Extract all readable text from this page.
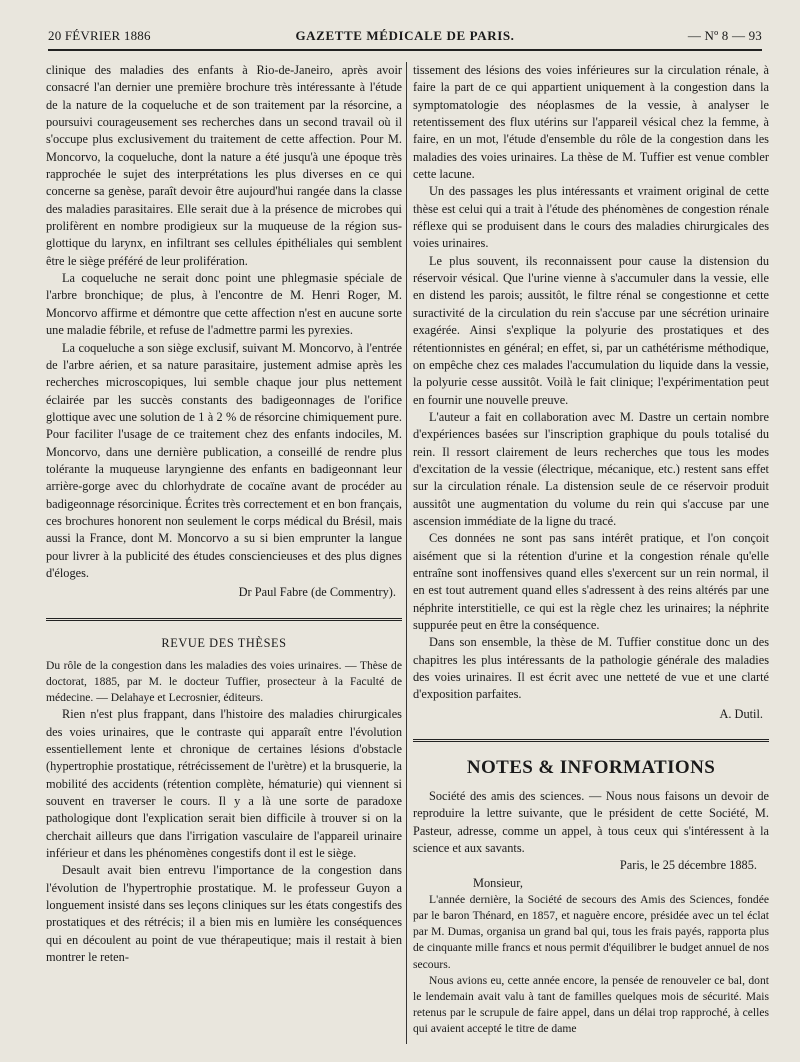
20 FÉVRIER 1886	GAZETTE MÉDICALE DE PARIS.	— Nº 8 — 93

clinique des maladies des enfants à Rio-de-Janeiro, après avoir consacré l'an dernier une première brochure très intéressante à l'étude de la nature de la coqueluche et de son traitement par la résorcine, a poursuivi courageusement ses recherches dans un second travail où il s'occupe plus exclusivement du traitement de cette affection. Pour M. Moncorvo, la coqueluche, dont la nature a été jusqu'à une époque très rapprochée le sujet des interprétations les plus diverses en ce qui concerne sa genèse, paraît devoir être aujourd'hui rangée dans la classe des maladies parasitaires. Elle serait due à la présence de microbes qui prolifèrent en nombre prodigieux sur la muqueuse de la région sus-glottique du larynx, en infiltrant ses cellules épithéliales qui semblent être le siège préféré de leur prolifération.

La coqueluche ne serait donc point une phlegmasie spéciale de l'arbre bronchique; de plus, à l'encontre de M. Henri Roger, M. Moncorvo affirme et démontre que cette affection n'est en aucune sorte une maladie fébrile, et refuse de l'admettre parmi les pyrexies.

La coqueluche a son siège exclusif, suivant M. Moncorvo, à l'entrée de l'arbre aérien, et sa nature parasitaire, justement admise après les recherches microscopiques, lui semble chaque jour plus nettement éclairée par les succès constants des badigeonnages de l'orifice glottique avec une solution de 1 à 2 % de résorcine chimiquement pure. Pour faciliter l'usage de ce traitement chez des enfants indociles, M. Moncorvo, dans une dernière publication, a conseillé de rendre plus tolérante la muqueuse laryngienne des enfants en badigeonnant leur arrière-gorge avec du chlorhydrate de cocaïne avant de procéder au badigeonnage résorcinique. Écrites très correctement et en bon français, ces brochures honorent non seulement le corps médical du Brésil, mais aussi la France, dont M. Moncorvo a su si bien emprunter la langue pour livrer à la publicité des études consciencieuses et des plus dignes d'éloges.

Dr Paul Fabre (de Commentry).

REVUE DES THÈSES

Du rôle de la congestion dans les maladies des voies urinaires. — Thèse de doctorat, 1885, par M. le docteur Tuffier, prosecteur à la Faculté de médecine. — Delahaye et Lecrosnier, éditeurs.

Rien n'est plus frappant, dans l'histoire des maladies chirurgicales des voies urinaires, que le contraste qui apparaît entre l'évolution essentiellement lente et chronique de certaines lésions d'obstacle (hypertrophie prostatique, rétrécissement de l'urètre) et la brusquerie, la mobilité des accidents (rétention complète, hématurie) qui viennent si souvent en traverser le cours. Il y a là une sorte de paradoxe pathologique dont l'explication serait bien difficile à trouver si on la cherchait ailleurs que dans l'irrigation vasculaire de l'appareil urinaire inférieur et dans les phénomènes congestifs dont il est le siège.

Desault avait bien entrevu l'importance de la congestion dans l'évolution de l'hypertrophie prostatique. M. le professeur Guyon a longuement insisté dans ses leçons cliniques sur les états congestifs des prostatiques et des rétrécis; il a bien mis en lumière les conséquences qui en découlent au point de vue thérapeutique; mais il restait à bien montrer le reten-

tissement des lésions des voies inférieures sur la circulation rénale, à faire la part de ce qui appartient uniquement à la congestion dans la symptomatologie des néoplasmes de la vessie, à analyser le retentissement des flux utérins sur l'appareil vésical chez la femme, à faire, en un mot, l'étude d'ensemble du rôle de la congestion dans les maladies des voies urinaires. La thèse de M. Tuffier est venue combler cette lacune.

Un des passages les plus intéressants et vraiment original de cette thèse est celui qui a trait à l'étude des phénomènes de congestion rénale réflexe qui se produisent dans le cours des maladies chirurgicales des voies urinaires.

Le plus souvent, ils reconnaissent pour cause la distension du réservoir vésical. Que l'urine vienne à s'accumuler dans la vessie, elle en distend les parois; aussitôt, le filtre rénal se congestionne et cette suractivité de la circulation du rein s'accuse par une sécrétion urinaire exagérée. Ainsi s'explique la polyurie des prostatiques et des rétentionnistes en général; en effet, si, par un cathétérisme méthodique, on empêche chez ces malades l'accumulation du liquide dans la vessie, la polyurie cesse aussitôt. Voilà le fait clinique; l'expérimentation peut en fournir une nouvelle preuve.

L'auteur a fait en collaboration avec M. Dastre un certain nombre d'expériences basées sur l'inscription graphique du pouls totalisé du rein. Il ressort clairement de leurs recherches que tous les modes d'excitation de la vessie (électrique, mécanique, etc.) restent sans effet sur la circulation rénale. La distension seule de ce réservoir produit aussitôt une augmentation du volume du rein qui s'accuse par une ascension immédiate de la ligne du tracé.

Ces données ne sont pas sans intérêt pratique, et l'on conçoit aisément que si la rétention d'urine et la congestion rénale qu'elle entraîne sont inoffensives quand elles s'exercent sur un rein normal, il en est tout autrement quand elles s'adressent à des reins altérés par une néphrite interstitielle, ce qui est la règle chez les urinaires; la néphrite suppurée peut en être la conséquence.

Dans son ensemble, la thèse de M. Tuffier constitue donc un des chapitres les plus intéressants de la pathologie générale des maladies des voies urinaires. Il est écrit avec une netteté de vue et une clarté d'exposition parfaites.

A. Dutil.

NOTES & INFORMATIONS

Société des amis des sciences. — Nous nous faisons un devoir de reproduire la lettre suivante, que le président de cette Société, M. Pasteur, adresse, comme un appel, à tous ceux qui s'intéressent à la science et aux savants.

Paris, le 25 décembre 1885.

Monsieur,

L'année dernière, la Société de secours des Amis des Sciences, fondée par le baron Thénard, en 1857, et naguère encore, présidée avec un tel éclat par M. Dumas, organisa un grand bal qui, tous les frais payés, rapporta plus de cinquante mille francs et nous permit d'équilibrer le budget annuel de nos secours.

Nous avions eu, cette année encore, la pensée de renouveler ce bal, dont le lendemain avait valu à tant de familles quelques mois de sécurité. Mais retenus par le scrupule de faire appel, dans un délai trop rapproché, à celles qui avaient accepté le titre de dame
